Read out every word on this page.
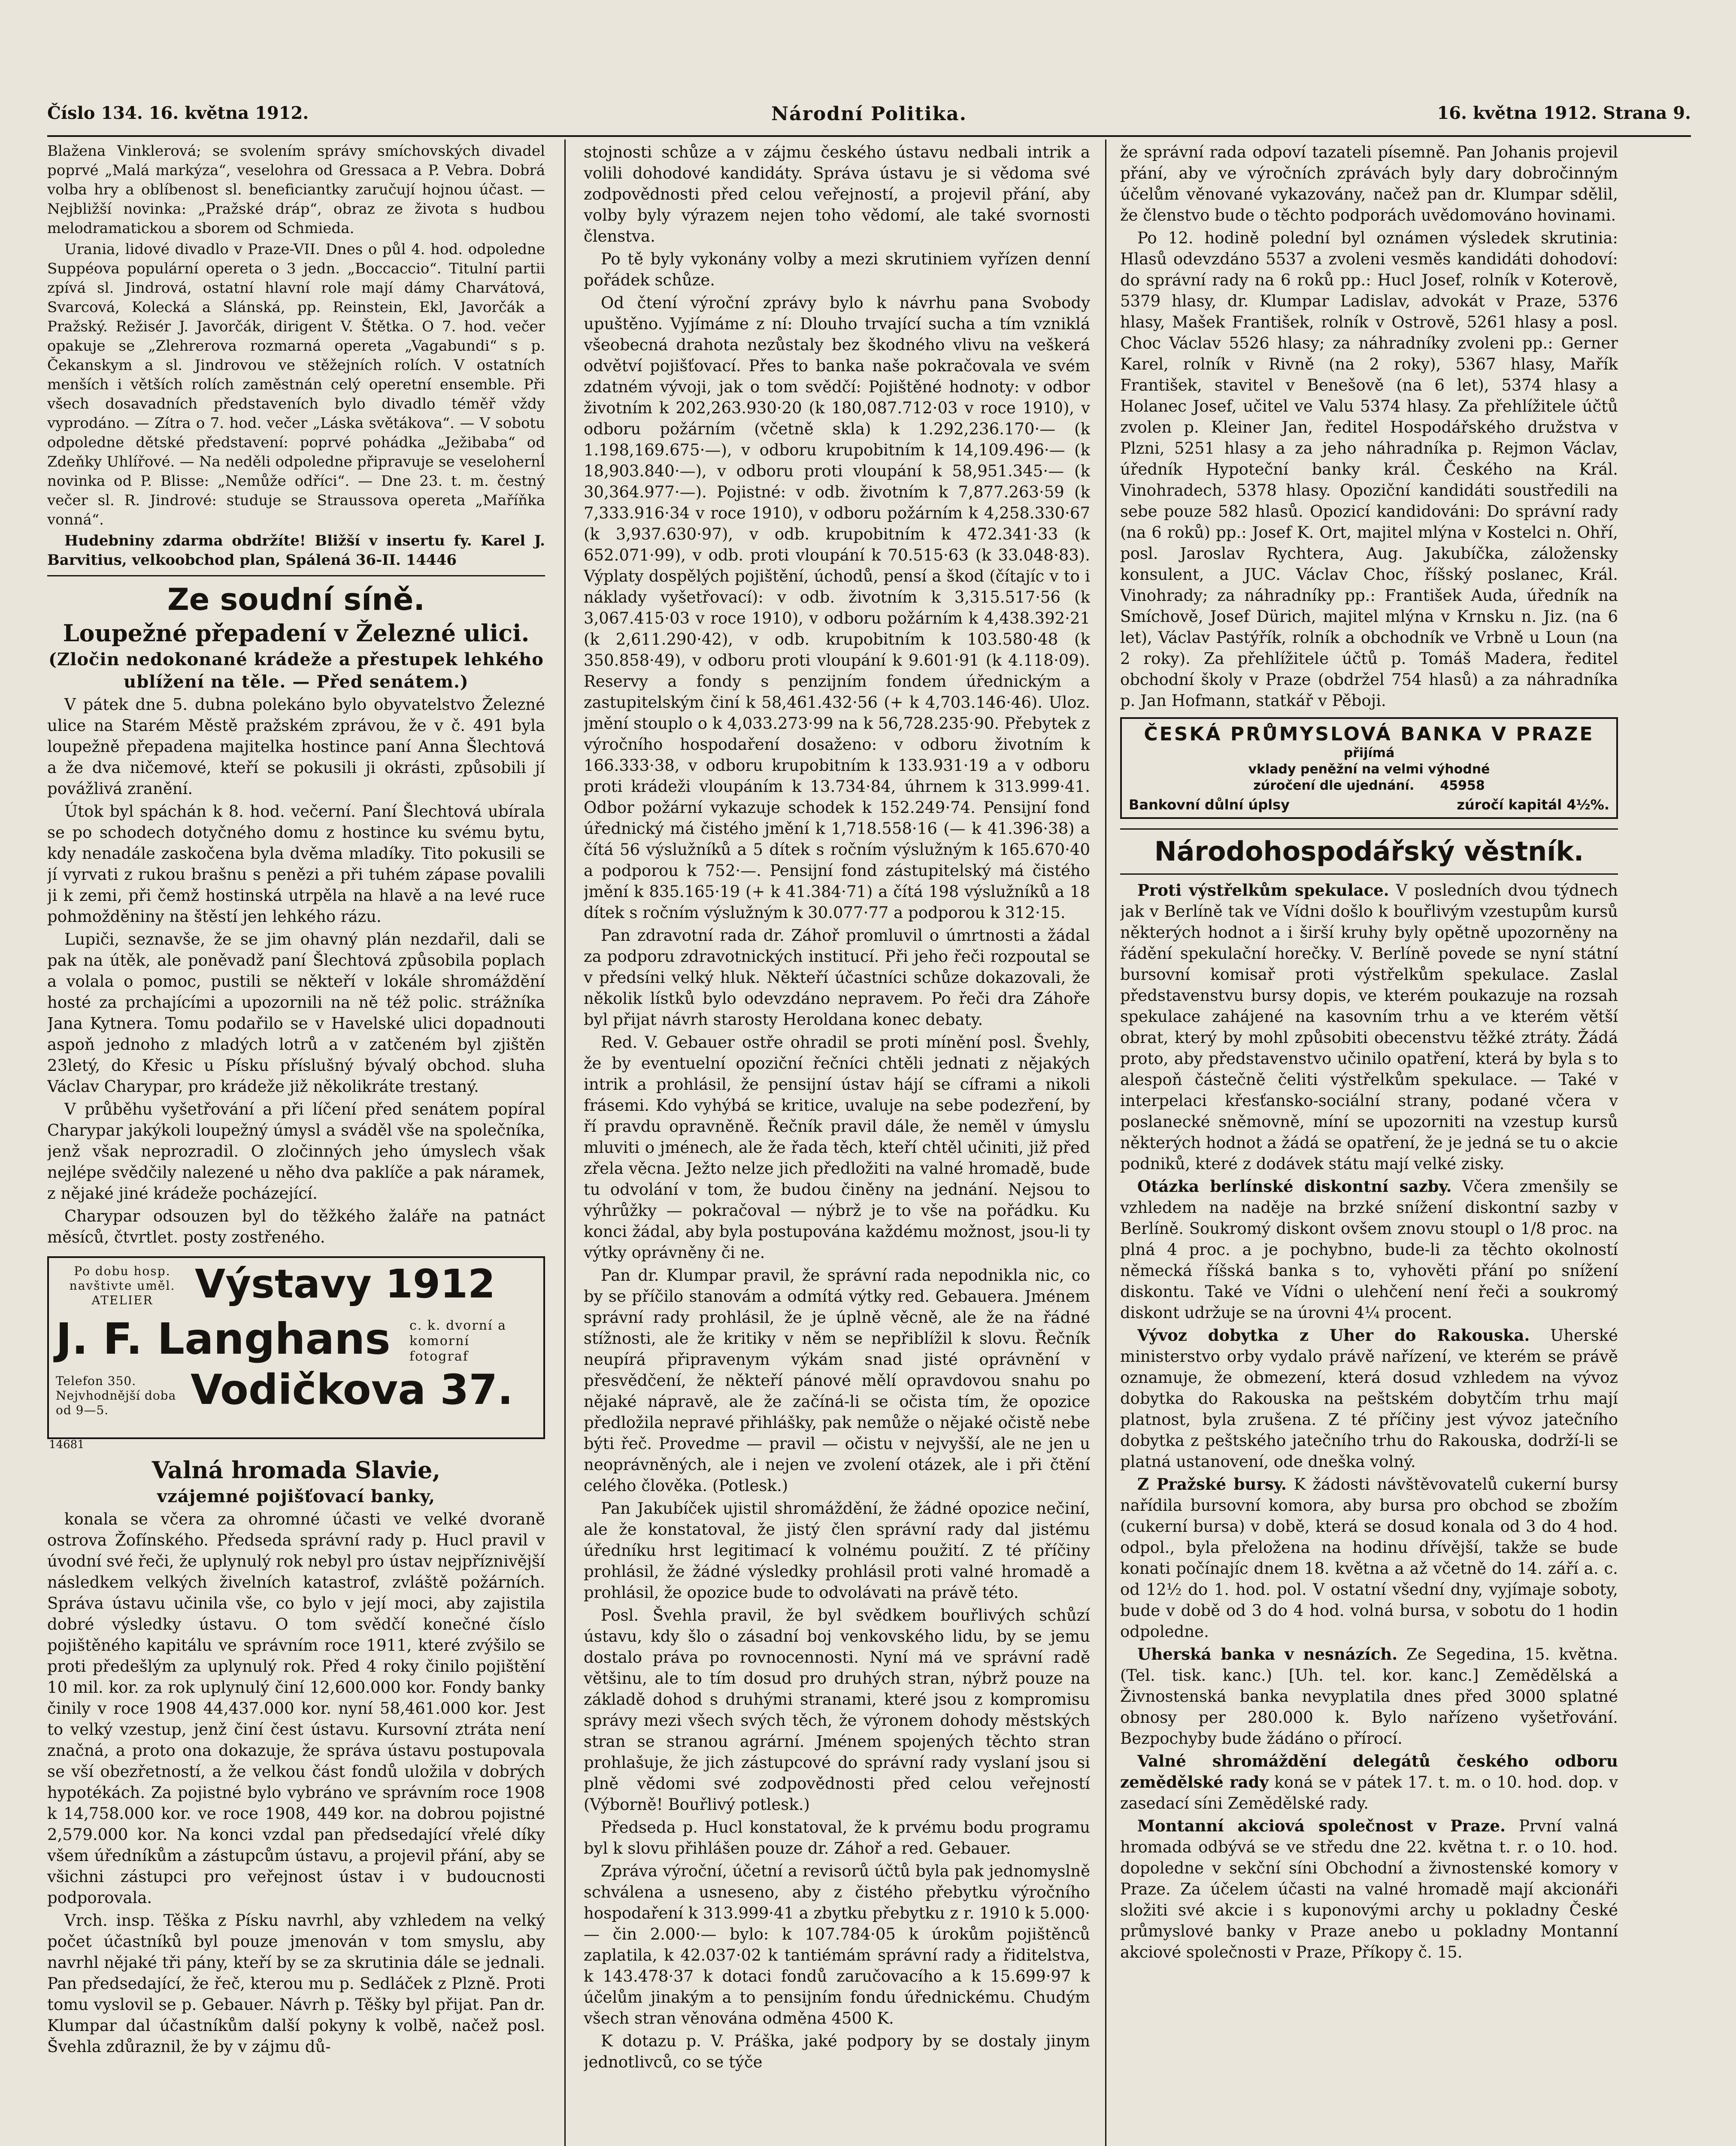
Číslo 134. 16. května 1912.	Národní Politika.	16. května 1912. Strana 9.

Blažena Vinklerová; se svolením správy smíchovských divadel poprvé „Malá markýza“, veselohra od Gressaca a P. Vebra. Dobrá volba hry a oblíbenost sl. beneficiantky zaručují hojnou účast. — Nejbližší novinka: „Pražské dráp“, obraz ze života s hudbou melodramatickou a sborem od Schmieda.

Urania, lidové divadlo v Praze-VII. Dnes o půl 4. hod. odpoledne Suppéova populární opereta o 3 jedn. „Boccaccio“. Titulní partii zpívá sl. Jindrová, ostatní hlavní role mají dámy Charvátová, Svarcová, Kolecká a Slánská, pp. Reinstein, Ekl, Javorčák a Pražský. Režisér J. Javorčák, dirigent V. Štětka. O 7. hod. večer opakuje se „Zlehrerova rozmarná opereta „Vagabundi“ s p. Čekanskym a sl. Jindrovou ve stěžejních rolích. V ostatních menších i větších rolích zaměstnán celý operetní ensemble. Při všech dosavadních představeních bylo divadlo téměř vždy vyprodáno. — Zítra o 7. hod. večer „Láska světákova“. — V sobotu odpoledne dětské představení: poprvé pohádka „Ježibaba“ od Zdeňky Uhlířové. — Na neděli odpoledne připravuje se veselohernĺ novinka od P. Blisse: „Nemůže odříci“. — Dne 23. t. m. čestný večer sl. R. Jindrové: studuje se Straussova opereta „Maříňka vonná“.

Hudebniny zdarma obdržíte! Bližší v insertu fy. Karel J. Barvitius, velkoobchod plan, Spálená 36-II. 14446

Ze soudní síně.
Loupežné přepadení v Železné ulici.
(Zločin nedokonané krádeže a přestupek lehkého ublížení na těle. — Před senátem.)

V pátek dne 5. dubna polekáno bylo obyvatelstvo Železné ulice na Starém Městě pražském zprávou, že v č. 491 byla loupežně přepadena majitelka hostince paní Anna Šlechtová a že dva ničemové, kteří se pokusili ji okrásti, způsobili jí povážlivá zranění.

Útok byl spáchán k 8. hod. večerní. Paní Šlechtová ubírala se po schodech dotyčného domu z hostince ku svému bytu, kdy nenadále zaskočena byla dvěma mladíky. Tito pokusili se jí vyrvati z rukou brašnu s penězi a při tuhém zápase povalili ji k zemi, při čemž hostinská utrpěla na hlavě a na levé ruce pohmožděniny na štěstí jen lehkého rázu.

Lupiči, seznavše, že se jim ohavný plán nezdařil, dali se pak na útěk, ale poněvadž paní Šlechtová způsobila poplach a volala o pomoc, pustili se někteří v lokále shromáždění hosté za prchajícími a upozornili na ně též polic. strážníka Jana Kytnera. Tomu podařilo se v Havelské ulici dopadnouti aspoň jednoho z mladých lotrů a v zatčeném byl zjištěn 23letý, do Křesic u Písku příslušný bývalý obchod. sluha Václav Charypar, pro krádeže již několikráte trestaný.

V průběhu vyšetřování a při líčení před senátem popíral Charypar jakýkoli loupežný úmysl a sváděl vše na společníka, jenž však neprozradil. O zločinných jeho úmyslech však nejlépe svědčily nalezené u něho dva paklíče a pak náramek, z nějaké jiné krádeže pocházející.

Charypar odsouzen byl do těžkého žaláře na patnáct měsíců, čtvrtlet. posty zostřeného.

Po dobu hosp. navštivte uměl. ATELIER	Výstavy 1912
J. F. Langhans c. k. dvorní a komorní fotograf
Telefon 350. Nejvhodnější doba od 9—5.	Vodičkova 37.
14681
Valná hromada Slavie,
vzájemné pojišťovací banky,

konala se včera za ohromné účasti ve velké dvoraně ostrova Žofínského. Předseda správní rady p. Hucl pravil v úvodní své řeči, že uplynulý rok nebyl pro ústav nejpříznivější následkem velkých živelních katastrof, zvláště požárních. Správa ústavu učinila vše, co bylo v její moci, aby zajistila dobré výsledky ústavu. O tom svědčí konečné číslo pojištěného kapitálu ve správním roce 1911, které zvýšilo se proti předešlým za uplynulý rok. Před 4 roky činilo pojištění 10 mil. kor. za rok uplynulý činí 12,600.000 kor. Fondy banky činily v roce 1908 44,437.000 kor. nyní 58,461.000 kor. Jest to velký vzestup, jenž činí čest ústavu. Kursovní ztráta není značná, a proto ona dokazuje, že správa ústavu postupovala se vší obezřetností, a že velkou část fondů uložila v dobrých hypotékách. Za pojistné bylo vybráno ve správním roce 1908 k 14,758.000 kor. ve roce 1908, 449 kor. na dobrou pojistné 2,579.000 kor. Na konci vzdal pan předsedající vřelé díky všem úředníkům a zástupcům ústavu, a projevil přání, aby se všichni zástupci pro veřejnost ústav i v budoucnosti podporovala.

Vrch. insp. Těška z Písku navrhl, aby vzhledem na velký počet účastníků byl pouze jmenován v tom smyslu, aby navrhl nějaké tři pány, kteří by se za skrutinia dále se jednali. Pan předsedající, že řeč, kterou mu p. Sedláček z Plzně. Proti tomu vyslovil se p. Gebauer. Návrh p. Těšky byl přijat. Pan dr. Klumpar dal účastníkům další pokyny k volbě, načež posl. Švehla zdůraznil, že by v zájmu dů-

stojnosti schůze a v zájmu českého ústavu nedbali intrik a volili dohodové kandidáty. Správa ústavu je si vědoma své zodpovědnosti před celou veřejností, a projevil přání, aby volby byly výrazem nejen toho vědomí, ale také svornosti členstva.

Po tě byly vykonány volby a mezi skrutiniem vyřízen denní pořádek schůze.

Od čtení výroční zprávy bylo k návrhu pana Svobody upuštěno. Vyjímáme z ní: Dlouho trvající sucha a tím vzniklá všeobecná drahota nezůstaly bez škodného vlivu na veškerá odvětví pojišťovací. Přes to banka naše pokračovala ve svém zdatném vývoji, jak o tom svědčí: Pojištěné hodnoty: v odbor životním k 202,263.930·20 (k 180,087.712·03 v roce 1910), v odboru požárním (včetně skla) k 1.292,236.170·— (k 1.198,169.675·—), v odboru krupobitním k 14,109.496·— (k 18,903.840·—), v odboru proti vloupání k 58,951.345·— (k 30,364.977·—). Pojistné: v odb. životním k 7,877.263·59 (k 7,333.916·34 v roce 1910), v odboru požárním k 4,258.330·67 (k 3,937.630·97), v odb. krupobitním k 472.341·33 (k 652.071·99), v odb. proti vloupání k 70.515·63 (k 33.048·83). Výplaty dospělých pojištění, úchodů, pensí a škod (čítajíc v to i náklady vyšetřovací): v odb. životním k 3,315.517·56 (k 3,067.415·03 v roce 1910), v odboru požárním k 4,438.392·21 (k 2,611.290·42), v odb. krupobitním k 103.580·48 (k 350.858·49), v odboru proti vloupání k 9.601·91 (k 4.118·09). Reservy a fondy s penzijním fondem úřednickým a zastupitelským činí k 58,461.432·56 (+ k 4,703.146·46). Uloz. jmění stouplo o k 4,033.273·99 na k 56,728.235·90. Přebytek z výročního hospodaření dosaženo: v odboru životním k 166.333·38, v odboru krupobitním k 133.931·19 a v odboru proti krádeži vloupáním k 13.734·84, úhrnem k 313.999·41. Odbor požární vykazuje schodek k 152.249·74. Pensijní fond úřednický má čistého jmění k 1,718.558·16 (— k 41.396·38) a čítá 56 výslužníků a 5 dítek s ročním výslužným k 165.670·40 a podporou k 752·—. Pensijní fond zástupitelský má čistého jmění k 835.165·19 (+ k 41.384·71) a čítá 198 výslužníků a 18 dítek s ročním výslužným k 30.077·77 a podporou k 312·15.

Pan zdravotní rada dr. Záhoř promluvil o úmrtnosti a žádal za podporu zdravotnických institucí. Při jeho řeči rozpoutal se v předsíni velký hluk. Někteří účastníci schůze dokazovali, že několik lístků bylo odevzdáno nepravem. Po řeči dra Záhoře byl přijat návrh starosty Heroldana konec debaty.

Red. V. Gebauer ostře ohradil se proti mínění posl. Švehly, že by eventuelní opoziční řečníci chtěli jednati z nějakých intrik a prohlásil, že pensijní ústav hájí se cíframi a nikoli frásemi. Kdo vyhýbá se kritice, uvaluje na sebe podezření, by ří pravdu opravněně. Řečník pravil dále, že neměl v úmyslu mluviti o jménech, ale že řada těch, kteří chtěl učiniti, již před zřela věcna. Ježto nelze jich předložiti na valné hromadě, bude tu odvolání v tom, že budou činěny na jednání. Nejsou to výhrůžky — pokračoval — nýbrž je to vše na pořádku. Ku konci žádal, aby byla postupována každému možnost, jsou-li ty výtky oprávněny či ne.

Pan dr. Klumpar pravil, že správní rada nepodnikla nic, co by se příčilo stanovám a odmítá výtky red. Gebauera. Jménem správní rady prohlásil, že je úplně věcně, ale že na řádné stížnosti, ale že kritiky v něm se nepřiblížil k slovu. Řečník neupírá připravenym výkám snad jisté oprávnění v přesvědčení, že někteří pánové mělí opravdovou snahu po nějaké nápravě, ale že začíná-li se očista tím, že opozice předložila nepravé přihlášky, pak nemůže o nějaké očistě nebe býti řeč. Provedme — pravil — očistu v nejvyšší, ale ne jen u neoprávněných, ale i nejen ve zvolení otázek, ale i při čtění celého člověka. (Potlesk.)

Pan Jakubíček ujistil shromáždění, že žádné opozice nečiní, ale že konstatoval, že jistý člen správní rady dal jistému úředníku hrst legitimací k volnému použití. Z té příčiny prohlásil, že žádné výsledky prohlásil proti valné hromadě a prohlásil, že opozice bude to odvolávati na právě této.

Posl. Švehla pravil, že byl svědkem bouřlivých schůzí ústavu, kdy šlo o zásadní boj venkovského lidu, by se jemu dostalo práva po rovnocennosti. Nyní má ve správní radě většinu, ale to tím dosud pro druhých stran, nýbrž pouze na základě dohod s druhými stranami, které jsou z kompromisu správy mezi všech svých těch, že výronem dohody městských stran se stranou agrární. Jménem spojených těchto stran prohlašuje, že jich zástupcové do správní rady vyslaní jsou si plně vědomi své zodpovědnosti před celou veřejností (Výborně! Bouřlivý potlesk.)

Předseda p. Hucl konstatoval, že k prvému bodu programu byl k slovu přihlášen pouze dr. Záhoř a red. Gebauer.

Zpráva výroční, účetní a revisorů účtů byla pak jednomyslně schválena a usneseno, aby z čistého přebytku výročního hospodaření k 313.999·41 a zbytku přebytku z r. 1910 k 5.000·— čin 2.000·— bylo: k 107.784·05 k úrokům pojištěnců zaplatila, k 42.037·02 k tantiémám správní rady a řiditelstva, k 143.478·37 k dotaci fondů zaručovacího a k 15.699·97 k účelům jinakým a to pensijním fondu úřednickému. Chudým všech stran věnována odměna 4500 K.

K dotazu p. V. Práška, jaké podpory by se dostaly jinym jednotlivců, co se týče

že správní rada odpoví tazateli písemně. Pan Johanis projevil přání, aby ve výročních zprávách byly dary dobročinným účelům věnované vykazovány, načež pan dr. Klumpar sdělil, že členstvo bude o těchto podporách uvědomováno hovinami.

Po 12. hodině polední byl oznámen výsledek skrutinia: Hlasů odevzdáno 5537 a zvoleni vesměs kandidáti dohodoví: do správní rady na 6 roků pp.: Hucl Josef, rolník v Koterově, 5379 hlasy, dr. Klumpar Ladislav, advokát v Praze, 5376 hlasy, Mašek František, rolník v Ostrově, 5261 hlasy a posl. Choc Václav 5526 hlasy; za náhradníky zvoleni pp.: Gerner Karel, rolník v Rivně (na 2 roky), 5367 hlasy, Mařík František, stavitel v Benešově (na 6 let), 5374 hlasy a Holanec Josef, učitel ve Valu 5374 hlasy. Za přehlížitele účtů zvolen p. Kleiner Jan, ředitel Hospodářského družstva v Plzni, 5251 hlasy a za jeho náhradníka p. Rejmon Václav, úředník Hypoteční banky král. Českého na Král. Vinohradech, 5378 hlasy. Opoziční kandidáti soustředili na sebe pouze 582 hlasů. Opozicí kandidováni: Do správní rady (na 6 roků) pp.: Josef K. Ort, majitel mlýna v Kostelci n. Ohří, posl. Jaroslav Rychtera, Aug. Jakubíčka, záložensky konsulent, a JUC. Václav Choc, říšský poslanec, Král. Vinohrady; za náhradníky pp.: František Auda, úředník na Smíchově, Josef Dürich, majitel mlýna v Krnsku n. Jiz. (na 6 let), Václav Pastýřík, rolník a obchodník ve Vrbně u Loun (na 2 roky). Za přehlížitele účtů p. Tomáš Madera, ředitel obchodní školy v Praze (obdržel 754 hlasů) a za náhradníka p. Jan Hofmann, statkář v Pěboji.

ČESKÁ PRŮMYSLOVÁ BANKA V PRAZE
přijímá
vklady peněžní na velmi výhodné
zúročení dle ujednání. 45958
Bankovní důlní úplsy	zúročí kapitál 4½%.
Národohospodářský věstník.

Proti výstřelkům spekulace. V posledních dvou týdnech jak v Berlíně tak ve Vídni došlo k bouřlivým vzestupům kursů některých hodnot a i širší kruhy byly opětně upozorněny na řádění spekulační horečky. V. Berlíně povede se nyní státní bursovní komisař proti výstřelkům spekulace. Zaslal představenstvu bursy dopis, ve kterém poukazuje na rozsah spekulace zahájené na kasovním trhu a ve kterém větší obrat, který by mohl způsobiti obecenstvu těžké ztráty. Žádá proto, aby představenstvo učinilo opatření, která by byla s to alespoň částečně čeliti výstřelkům spekulace. — Také v interpelaci křesťansko-sociální strany, podané včera v poslanecké sněmovně, míní se upozorniti na vzestup kursů některých hodnot a žádá se opatření, že je jedná se tu o akcie podniků, které z dodávek státu mají velké zisky.

Otázka berlínské diskontní sazby. Včera zmenšily se vzhledem na naděje na brzké snížení diskontní sazby v Berlíně. Soukromý diskont ovšem znovu stoupl o 1/8 proc. na plná 4 proc. a je pochybno, bude-li za těchto okolností německá říšská banka s to, vyhověti přání po snížení diskontu. Také ve Vídni o ulehčení není řeči a soukromý diskont udržuje se na úrovni 4¼ procent.

Vývoz dobytka z Uher do Rakouska. Uherské ministerstvo orby vydalo právě nařízení, ve kterém se právě oznamuje, že obmezení, která dosud vzhledem na vývoz dobytka do Rakouska na peštském dobytčím trhu mají platnost, byla zrušena. Z té příčiny jest vývoz jatečního dobytka z peštského jatečního trhu do Rakouska, dodrží-li se platná ustanovení, ode dneška volný.

Z Pražské bursy. K žádosti návštěvovatelů cukerní bursy nařídila bursovní komora, aby bursa pro obchod se zbožím (cukerní bursa) v době, která se dosud konala od 3 do 4 hod. odpol., byla přeložena na hodinu dřívější, takže se bude konati počínajíc dnem 18. května a až včetně do 14. září a. c. od 12½ do 1. hod. pol. V ostatní všední dny, vyjímaje soboty, bude v době od 3 do 4 hod. volná bursa, v sobotu do 1 hodin odpoledne.

Uherská banka v nesnázích. Ze Segedina, 15. května. (Tel. tisk. kanc.) [Uh. tel. kor. kanc.] Zemědělská a Živnostenská banka nevyplatila dnes před 3000 splatné obnosy per 280.000 k. Bylo nařízeno vyšetřování. Bezpochyby bude žádáno o přírocí.

Valné shromáždění delegátů českého odboru zemědělské rady koná se v pátek 17. t. m. o 10. hod. dop. v zasedací síni Zemědělské rady.

Montanní akciová společnost v Praze. První valná hromada odbývá se ve středu dne 22. května t. r. o 10. hod. dopoledne v sekční síni Obchodní a živnostenské komory v Praze. Za účelem účasti na valné hromadě mají akcionáři složiti své akcie i s kuponovými archy u pokladny České průmyslové banky v Praze anebo u pokladny Montanní akciové společnosti v Praze, Příkopy č. 15.
